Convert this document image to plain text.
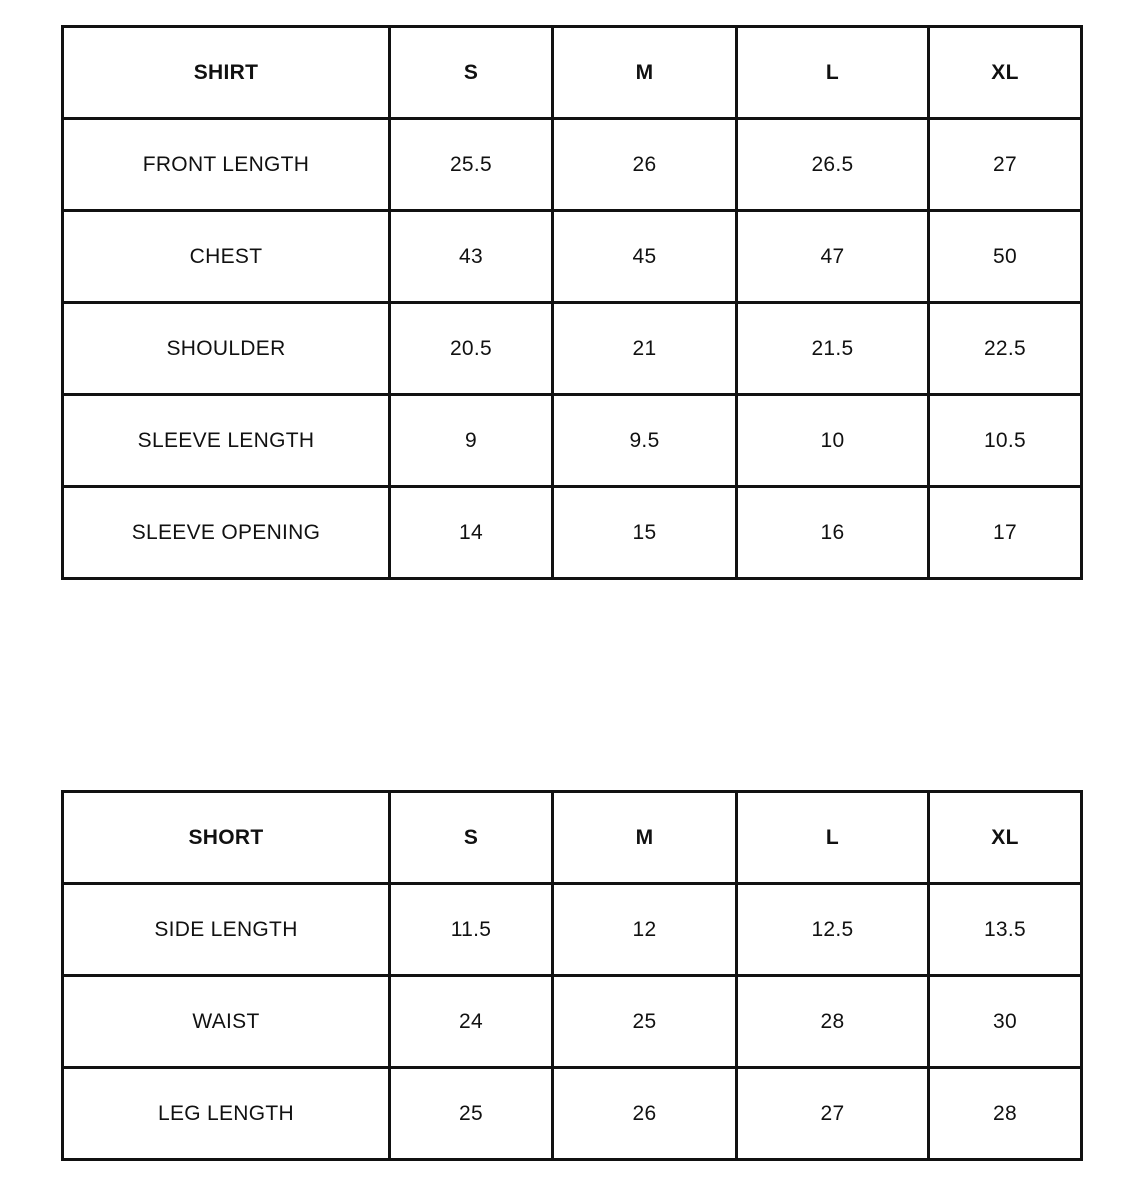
SHIRT	S	M	L	XL
FRONT LENGTH	25.5	26	26.5	27
CHEST	43	45	47	50
SHOULDER	20.5	21	21.5	22.5
SLEEVE LENGTH	9	9.5	10	10.5
SLEEVE OPENING	14	15	16	17
SHORT	S	M	L	XL
SIDE LENGTH	11.5	12	12.5	13.5
WAIST	24	25	28	30
LEG LENGTH	25	26	27	28
